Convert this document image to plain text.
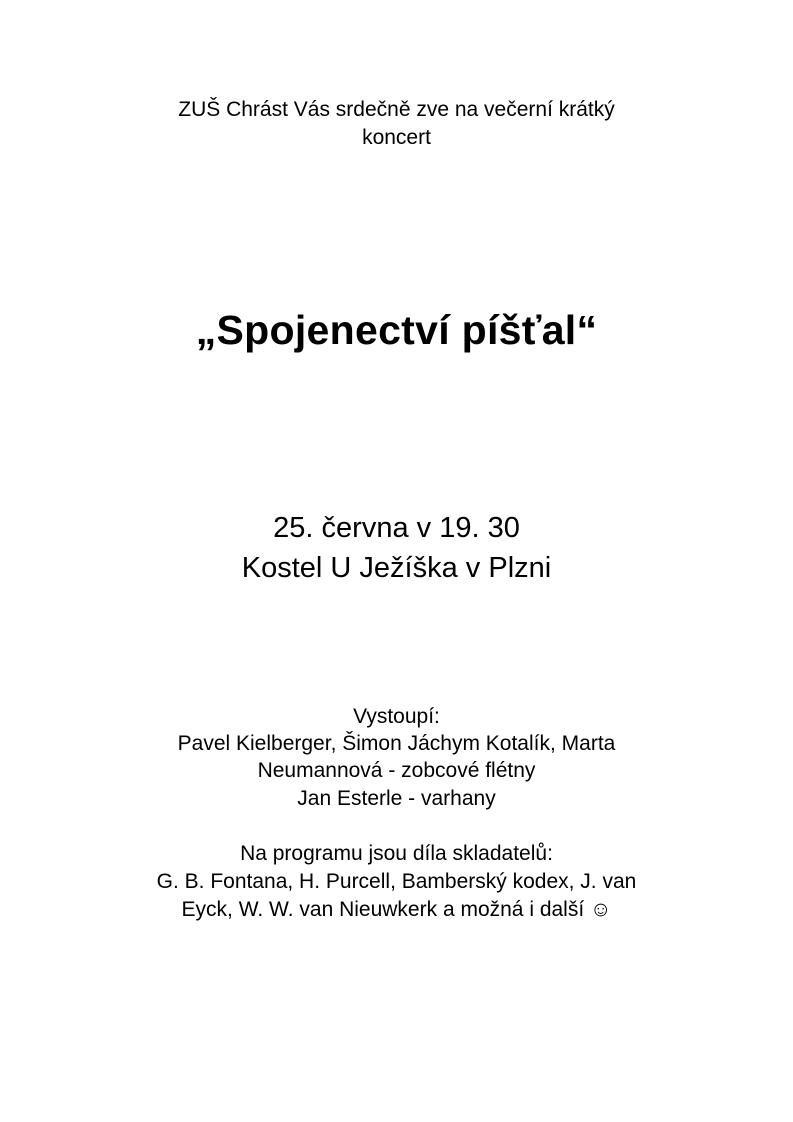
ZUŠ Chrást Vás srdečně zve na večerní krátký
koncert
„Spojenectví píšťal“
25. června v 19. 30
Kostel U Ježíška v Plzni
Vystoupí:
Pavel Kielberger, Šimon Jáchym Kotalík, Marta
Neumannová - zobcové flétny
Jan Esterle - varhany
Na programu jsou díla skladatelů:
G. B. Fontana, H. Purcell, Bamberský kodex, J. van
Eyck, W. W. van Nieuwkerk a možná i další ☺
